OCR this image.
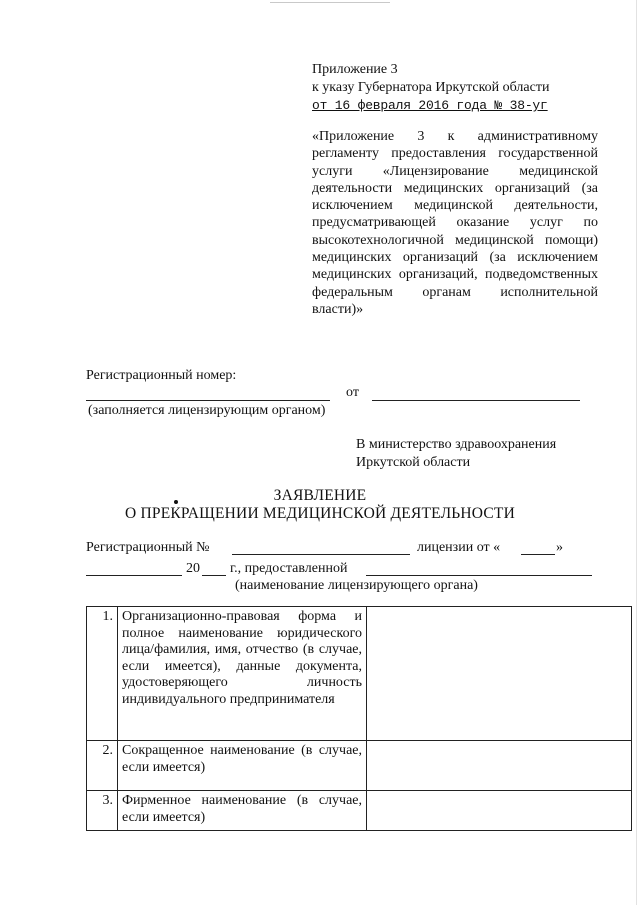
Приложение 3
к указу Губернатора Иркутской области
от 16 февраля 2016 года № 38-уг
«Приложение 3 к административному регламенту предоставления государственной услуги «Лицензирование медицинской деятельности медицинских организаций (за исключением медицинской деятельности, предусматривающей оказание услуг по высокотехнологичной медицинской помощи) медицинских организаций (за исключением медицинских организаций, подведомственных федеральным органам исполнительной власти)»
Регистрационный номер:
от
(заполняется лицензирующим органом)
В министерство здравоохранения
Иркутской области
ЗАЯВЛЕНИЕ
О ПРЕКРАЩЕНИИ МЕДИЦИНСКОЙ ДЕЯТЕЛЬНОСТИ
Регистрационный №	лицензии от «	»
20 г., предоставленной
(наименование лицензирующего органа)
1.	Организационно-правовая форма и полное наименование юридического лица/фамилия, имя, отчество (в случае, если имеется), данные документа, удостоверяющего личность индивидуального предпринимателя	
2.	Сокращенное наименование (в случае, если имеется)	
3.	Фирменное наименование (в случае, если имеется)	
